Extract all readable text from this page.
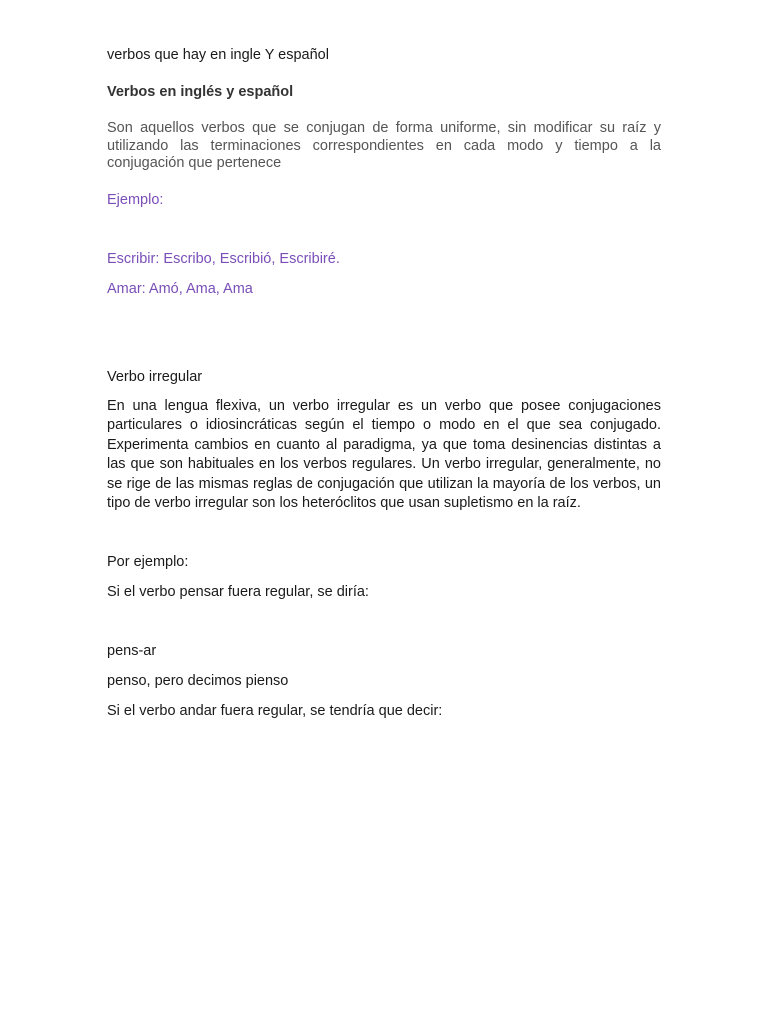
verbos que hay en ingle Y español
Verbos en inglés y español
Son aquellos verbos que se conjugan de forma uniforme, sin modificar su raíz y utilizando las terminaciones correspondientes en cada modo y tiempo a la conjugación que pertenece
Ejemplo:
Escribir: Escribo, Escribió, Escribiré.
Amar: Amó, Ama, Ama
Verbo irregular
En una lengua flexiva, un verbo irregular es un verbo que posee conjugaciones particulares o idiosincráticas según el tiempo o modo en el que sea conjugado. Experimenta cambios en cuanto al paradigma, ya que toma desinencias distintas a las que son habituales en los verbos regulares. Un verbo irregular, generalmente, no se rige de las mismas reglas de conjugación que utilizan la mayoría de los verbos, un tipo de verbo irregular son los heteróclitos que usan supletismo en la raíz.
Por ejemplo:
Si el verbo pensar fuera regular, se diría:
pens-ar
penso, pero decimos pienso
Si el verbo andar fuera regular, se tendría que decir:
